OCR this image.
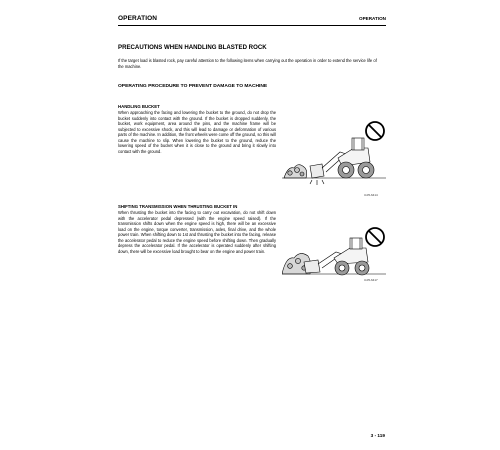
OPERATION	OPERATION
PRECAUTIONS WHEN HANDLING BLASTED ROCK
If the target load is blasted rock, pay careful attention to the following items when carrying out the operation in order to extend the service life of the machine.
OPERATING PROCEDURE TO PREVENT DAMAGE TO MACHINE
HANDLING BUCKET
When approaching the facing and lowering the bucket to the ground, do not drop the bucket suddenly into contact with the ground. If the bucket is dropped suddenly, the bucket, work equipment, area around the pins, and the machine frame will be subjected to excessive shock, and this will lead to damage or deformation of various parts of the machine. In addition, the front wheels were come off the ground, so this will cause the machine to slip. When lowering the bucket to the ground, reduce the lowering speed of the bucket when it is close to the ground and bring it slowly into contact with the ground.
3-05-6414
SHIFTING TRANSMISSION WHEN THRUSTING BUCKET IN
When thrusting the bucket into the facing to carry out excavation, do not shift down with the accelerator pedal depressed (with the engine speed raised). If the transmission shifts down when the engine speed is high, there will be an excessive load on the engine, torque converter, transmission, axles, final drive, and the whole power train. When shifting down to 1st and thrusting the bucket into the facing, release the accelerator pedal to reduce the engine speed before shifting down. Then gradually depress the accelerator pedal. If the accelerator is operated suddenly after shifting down, there will be excessive load brought to bear on the engine and power train.
3-05-6417
3 - 119
